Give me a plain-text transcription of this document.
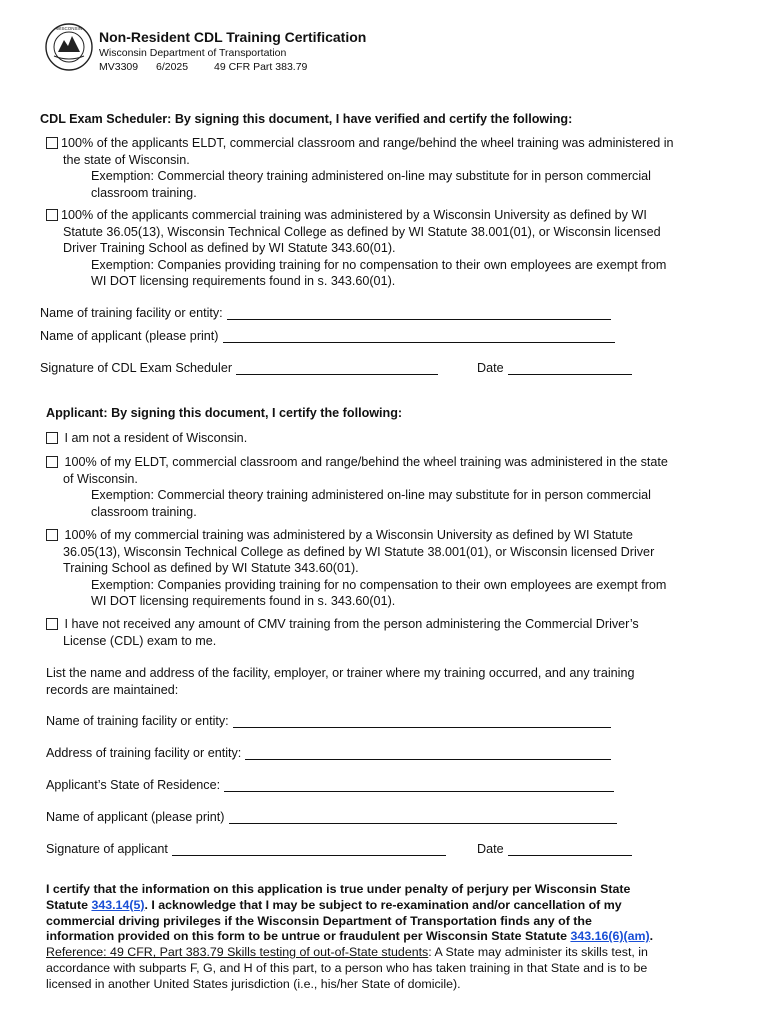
WISCONSIN
Non-Resident CDL Training Certification
Wisconsin Department of Transportation
MV3309	6/2025	49 CFR Part 383.79
CDL Exam Scheduler: By signing this document, I have verified and certify the following:
100% of the applicants ELDT, commercial classroom and range/behind the wheel training was administered in
the state of Wisconsin.
Exemption: Commercial theory training administered on-line may substitute for in person commercial
classroom training.
100% of the applicants commercial training was administered by a Wisconsin University as defined by WI
Statute 36.05(13), Wisconsin Technical College as defined by WI Statute 38.001(01), or Wisconsin licensed
Driver Training School as defined by WI Statute 343.60(01).
Exemption: Companies providing training for no compensation to their own employees are exempt from
WI DOT licensing requirements found in s. 343.60(01).
Name of training facility or entity:
Name of applicant (please print)
Signature of CDL Exam Scheduler	Date
Applicant: By signing this document, I certify the following:
I am not a resident of Wisconsin.
100% of my ELDT, commercial classroom and range/behind the wheel training was administered in the state
of Wisconsin.
Exemption: Commercial theory training administered on-line may substitute for in person commercial
classroom training.
100% of my commercial training was administered by a Wisconsin University as defined by WI Statute
36.05(13), Wisconsin Technical College as defined by WI Statute 38.001(01), or Wisconsin licensed Driver
Training School as defined by WI Statute 343.60(01).
Exemption: Companies providing training for no compensation to their own employees are exempt from
WI DOT licensing requirements found in s. 343.60(01).
I have not received any amount of CMV training from the person administering the Commercial Driver’s
License (CDL) exam to me.
List the name and address of the facility, employer, or trainer where my training occurred, and any training
records are maintained:
Name of training facility or entity:
Address of training facility or entity:
Applicant’s State of Residence:
Name of applicant (please print)
Signature of applicant	Date
I certify that the information on this application is true under penalty of perjury per Wisconsin State
Statute 343.14(5). I acknowledge that I may be subject to re-examination and/or cancellation of my
commercial driving privileges if the Wisconsin Department of Transportation finds any of the
information provided on this form to be untrue or fraudulent per Wisconsin State Statute 343.16(6)(am).
Reference: 49 CFR, Part 383.79 Skills testing of out-of-State students: A State may administer its skills test, in
accordance with subparts F, G, and H of this part, to a person who has taken training in that State and is to be
licensed in another United States jurisdiction (i.e., his/her State of domicile).
